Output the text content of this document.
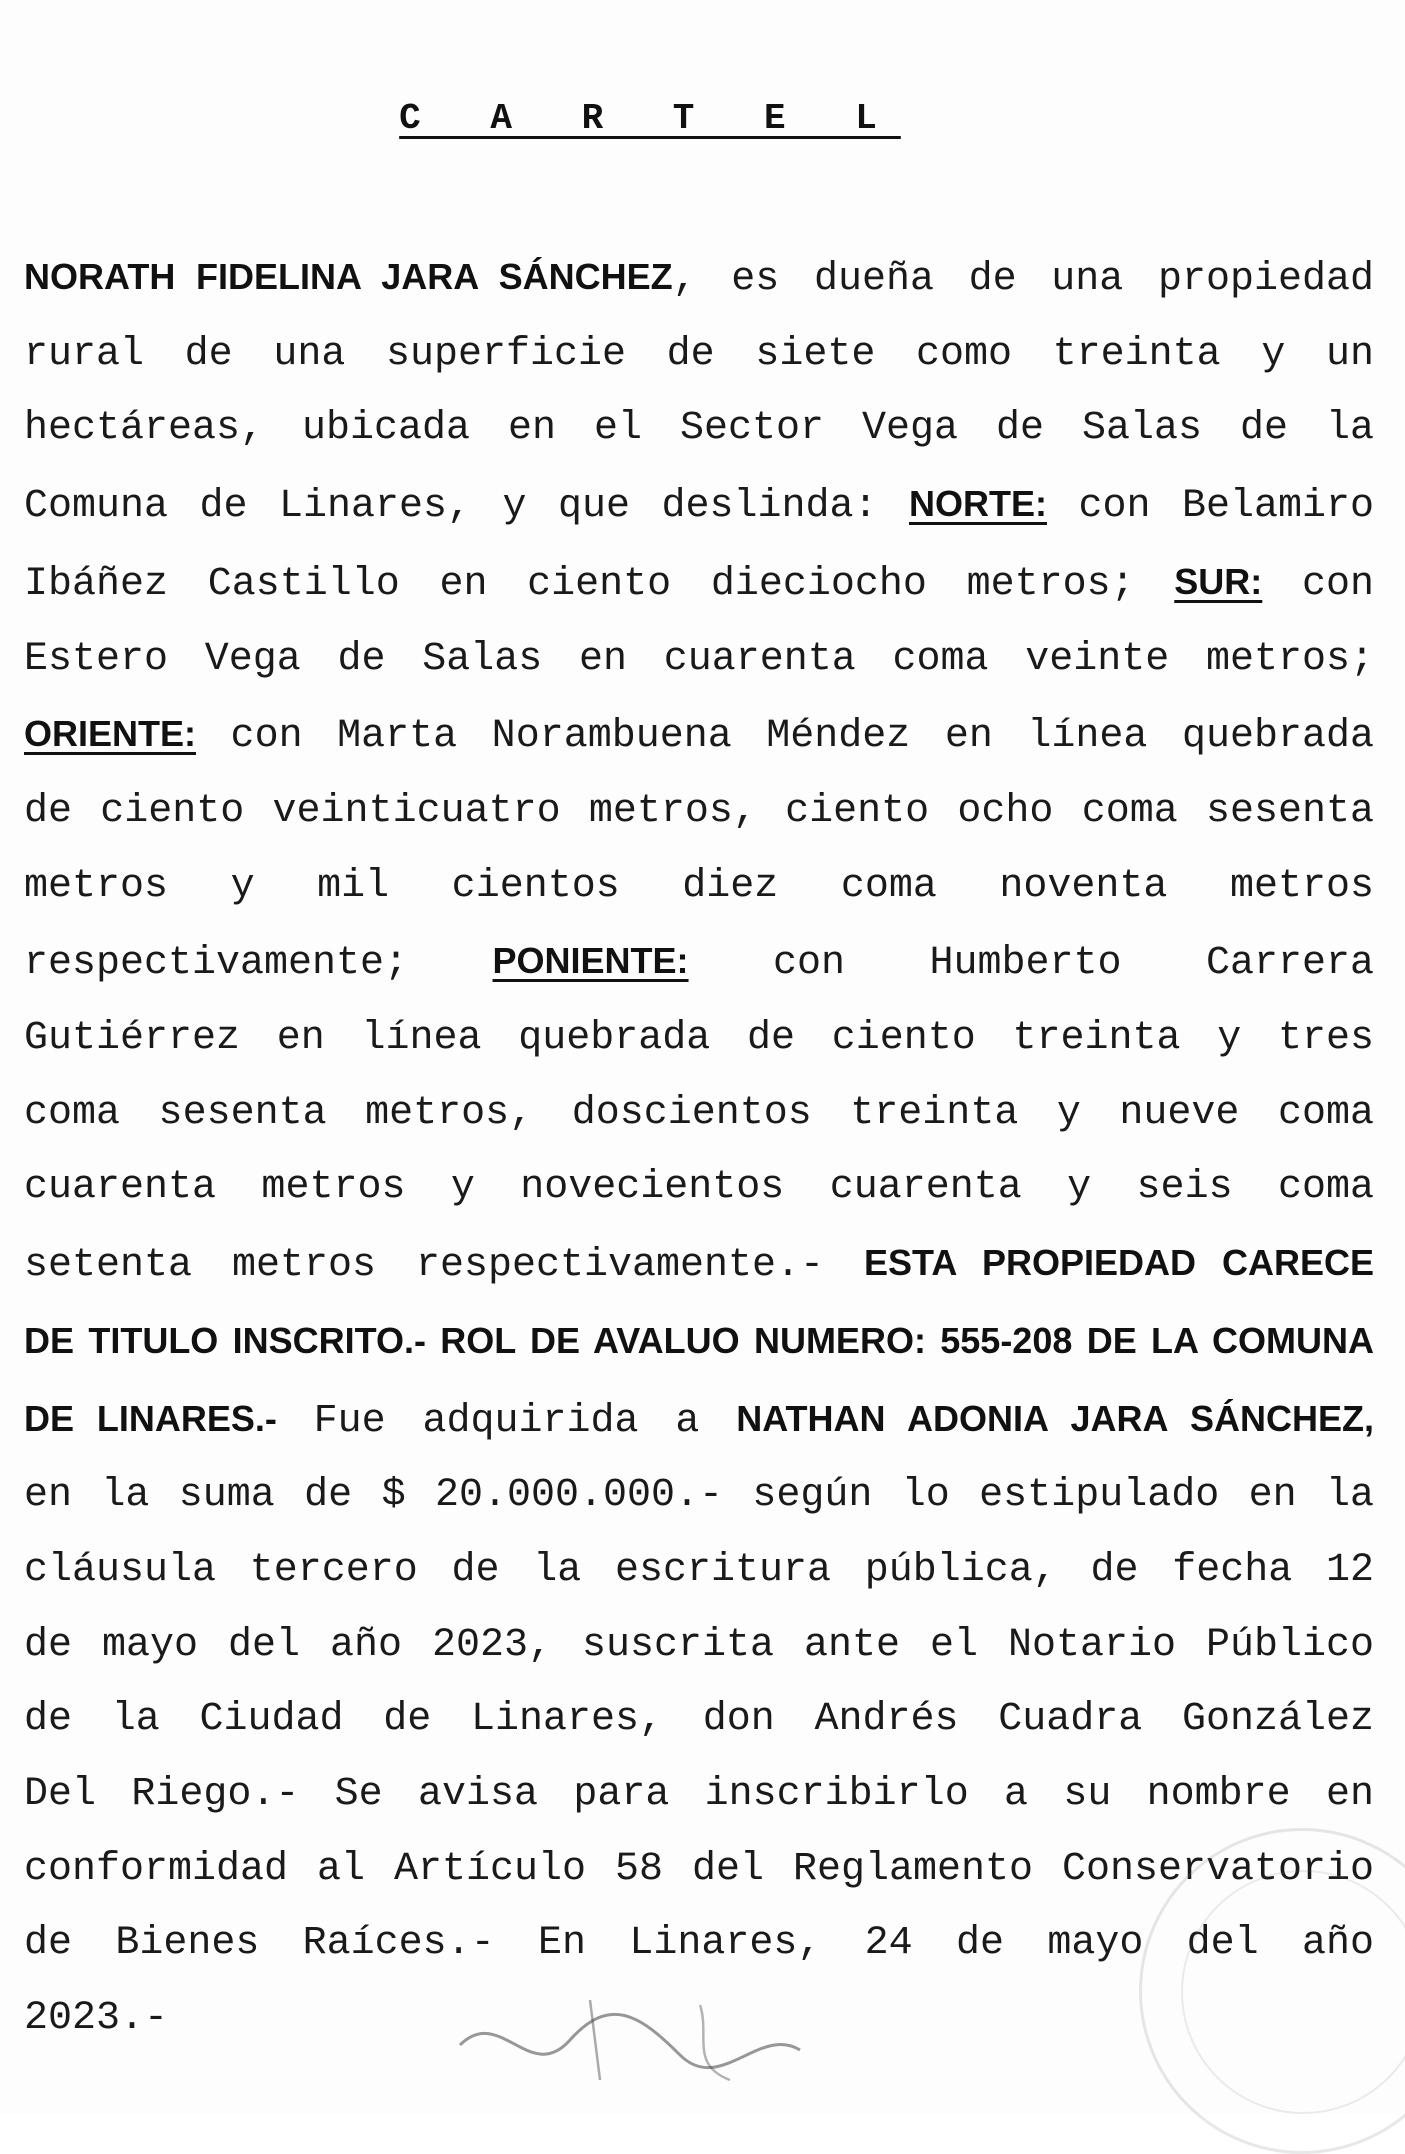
C A R T E L
NORATH FIDELINA JARA SÁNCHEZ, es dueña de una propiedad rural de una superficie de siete como treinta y un hectáreas, ubicada en el Sector Vega de Salas de la Comuna de Linares, y que deslinda: NORTE: con Belamiro Ibáñez Castillo en ciento dieciocho metros; SUR: con Estero Vega de Salas en cuarenta coma veinte metros; ORIENTE: con Marta Norambuena Méndez en línea quebrada de ciento veinticuatro metros, ciento ocho coma sesenta metros y mil cientos diez coma noventa metros respectivamente; PONIENTE: con Humberto Carrera Gutiérrez en línea quebrada de ciento treinta y tres coma sesenta metros, doscientos treinta y nueve coma cuarenta metros y novecientos cuarenta y seis coma setenta metros respectivamente.- ESTA PROPIEDAD CARECE DE TITULO INSCRITO.- ROL DE AVALUO NUMERO: 555-208 DE LA COMUNA DE LINARES.- Fue adquirida a NATHAN ADONIA JARA SÁNCHEZ, en la suma de $ 20.000.000.- según lo estipulado en la cláusula tercero de la escritura pública, de fecha 12 de mayo del año 2023, suscrita ante el Notario Público de la Ciudad de Linares, don Andrés Cuadra González Del Riego.- Se avisa para inscribirlo a su nombre en conformidad al Artículo 58 del Reglamento Conservatorio de Bienes Raíces.- En Linares, 24 de mayo del año 2023.-
